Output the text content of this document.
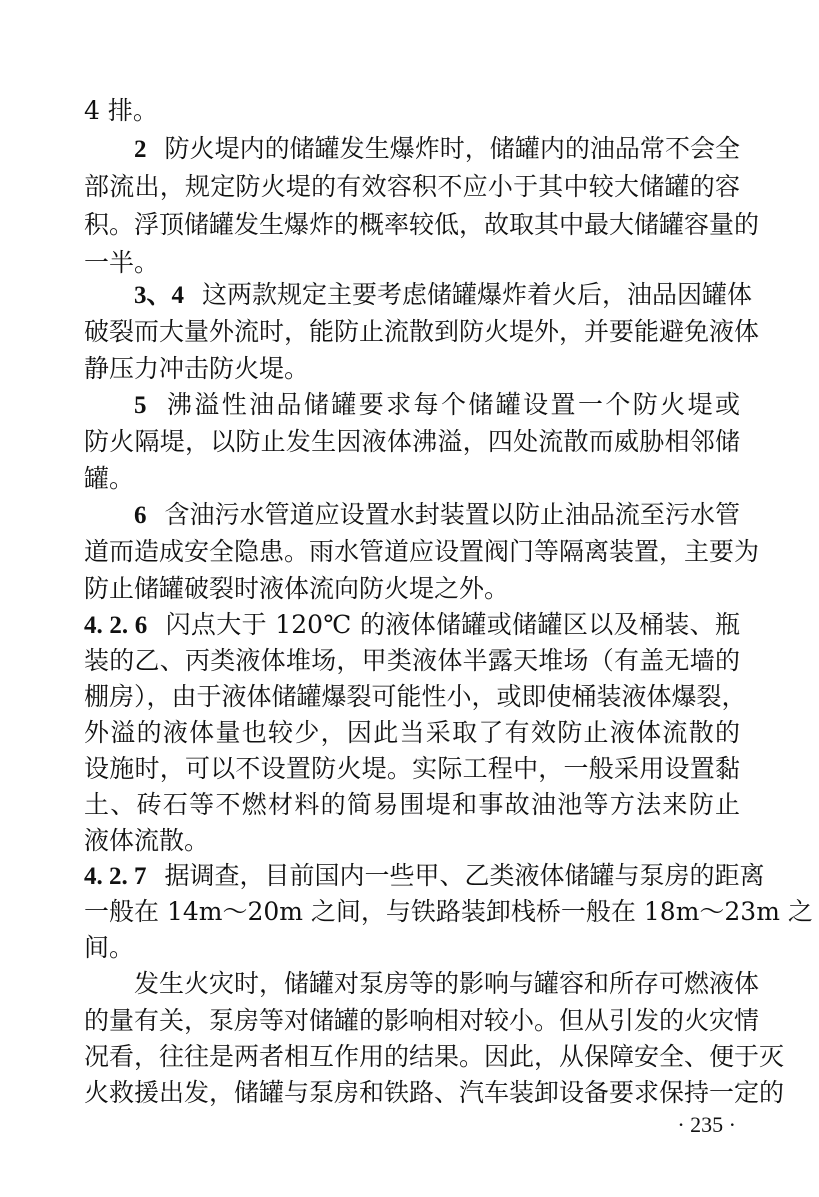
4 排。
2 防火堤内的储罐发生爆炸时，储罐内的油品常不会全
部流出，规定防火堤的有效容积不应小于其中较大储罐的容
积。浮顶储罐发生爆炸的概率较低，故取其中最大储罐容量的
一半。
3、4 这两款规定主要考虑储罐爆炸着火后，油品因罐体
破裂而大量外流时，能防止流散到防火堤外，并要能避免液体
静压力冲击防火堤。
5 沸溢性油品储罐要求每个储罐设置一个防火堤或
防火隔堤，以防止发生因液体沸溢，四处流散而威胁相邻储
罐。
6 含油污水管道应设置水封装置以防止油品流至污水管
道而造成安全隐患。雨水管道应设置阀门等隔离装置，主要为
防止储罐破裂时液体流向防火堤之外。
4. 2. 6 闪点大于 120℃ 的液体储罐或储罐区以及桶装、瓶
装的乙、丙类液体堆场，甲类液体半露天堆场（有盖无墙的
棚房），由于液体储罐爆裂可能性小，或即使桶装液体爆裂，
外溢的液体量也较少，因此当采取了有效防止液体流散的
设施时，可以不设置防火堤。实际工程中，一般采用设置黏
土、砖石等不燃材料的简易围堤和事故油池等方法来防止
液体流散。
4. 2. 7 据调查，目前国内一些甲、乙类液体储罐与泵房的距离
一般在 14m～20m 之间，与铁路装卸栈桥一般在 18m～23m 之
间。
发生火灾时，储罐对泵房等的影响与罐容和所存可燃液体
的量有关，泵房等对储罐的影响相对较小。但从引发的火灾情
况看，往往是两者相互作用的结果。因此，从保障安全、便于灭
火救援出发，储罐与泵房和铁路、汽车装卸设备要求保持一定的
· 235 ·
